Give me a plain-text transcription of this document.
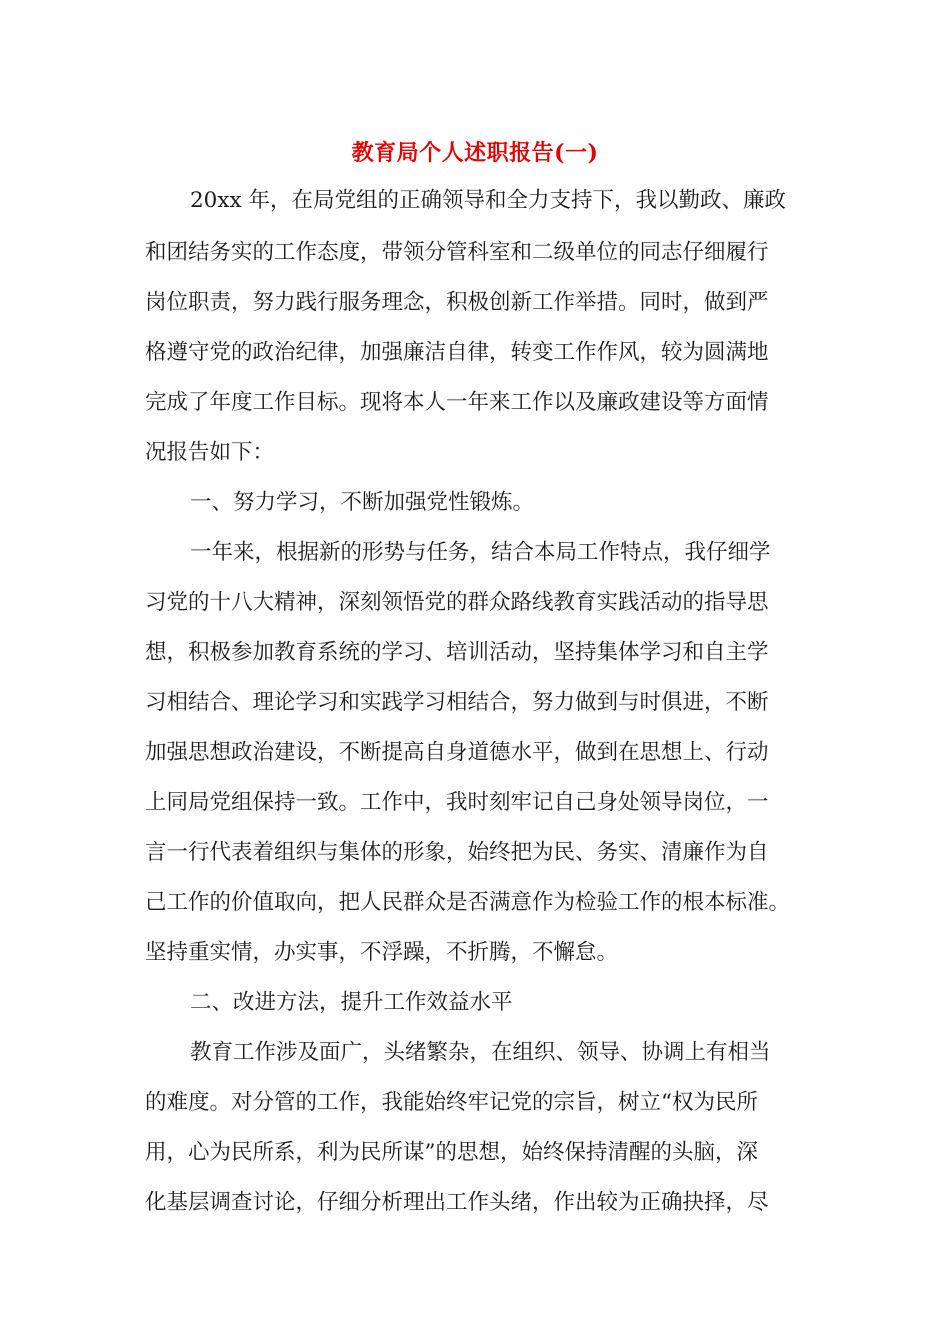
教育局个人述职报告(一)
20xx 年，在局党组的正确领导和全力支持下，我以勤政、廉政
和团结务实的工作态度，带领分管科室和二级单位的同志仔细履行
岗位职责，努力践行服务理念，积极创新工作举措。同时，做到严
格遵守党的政治纪律，加强廉洁自律，转变工作作风，较为圆满地
完成了年度工作目标。现将本人一年来工作以及廉政建设等方面情
况报告如下：
一、努力学习，不断加强党性锻炼。
一年来，根据新的形势与任务，结合本局工作特点，我仔细学
习党的十八大精神，深刻领悟党的群众路线教育实践活动的指导思
想，积极参加教育系统的学习、培训活动，坚持集体学习和自主学
习相结合、理论学习和实践学习相结合，努力做到与时俱进，不断
加强思想政治建设，不断提高自身道德水平，做到在思想上、行动
上同局党组保持一致。工作中，我时刻牢记自己身处领导岗位，一
言一行代表着组织与集体的形象，始终把为民、务实、清廉作为自
己工作的价值取向，把人民群众是否满意作为检验工作的根本标准。
坚持重实情，办实事，不浮躁，不折腾，不懈怠。
二、改进方法，提升工作效益水平
教育工作涉及面广，头绪繁杂，在组织、领导、协调上有相当
的难度。对分管的工作，我能始终牢记党的宗旨，树立“权为民所
用，心为民所系，利为民所谋”的思想，始终保持清醒的头脑，深
化基层调查讨论，仔细分析理出工作头绪，作出较为正确抉择，尽
